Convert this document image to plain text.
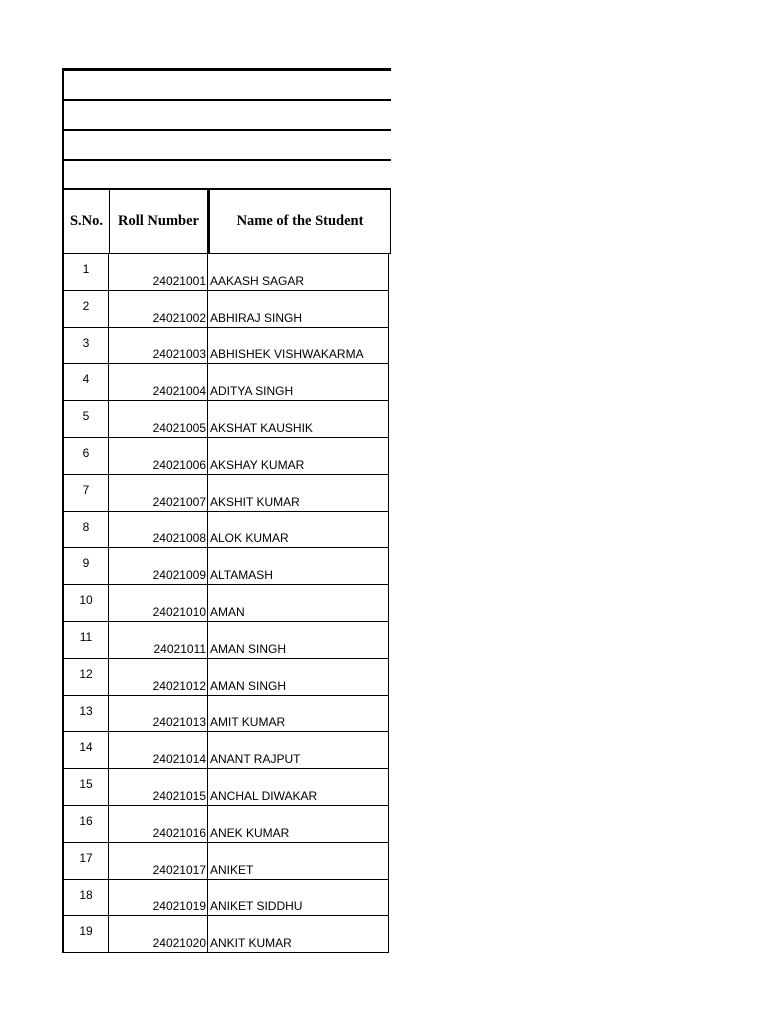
S.No.	Roll Number	Name of the Student
1
24021001 AAKASH SAGAR
2
24021002 ABHIRAJ SINGH
3
24021003 ABHISHEK VISHWAKARMA
4
24021004 ADITYA SINGH
5
24021005 AKSHAT KAUSHIK
6
24021006 AKSHAY KUMAR
7
24021007 AKSHIT KUMAR
8
24021008 ALOK KUMAR
9
24021009 ALTAMASH
10
24021010 AMAN
11
24021011 AMAN SINGH
12
24021012 AMAN SINGH
13
24021013 AMIT KUMAR
14
24021014 ANANT RAJPUT
15
24021015 ANCHAL DIWAKAR
16
24021016 ANEK KUMAR
17
24021017 ANIKET
18
24021019 ANIKET SIDDHU
19
24021020 ANKIT KUMAR
